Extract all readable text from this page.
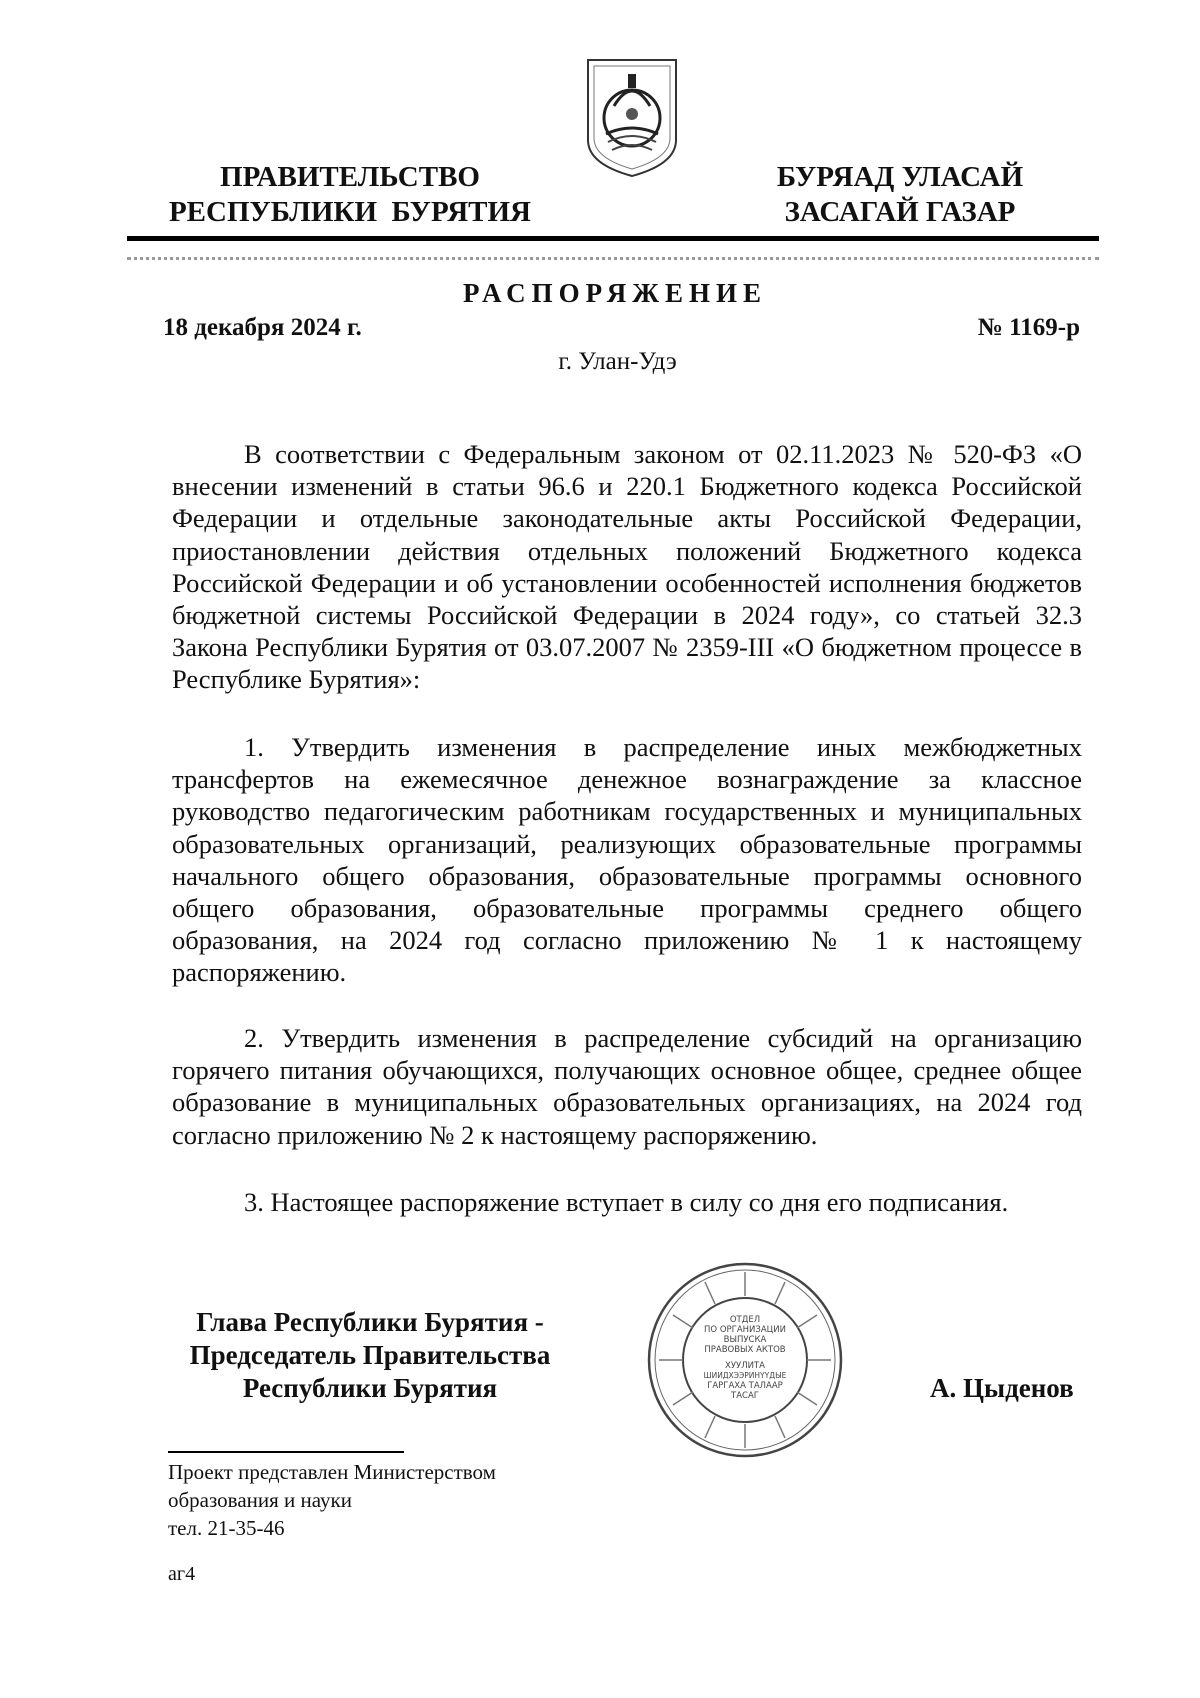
ПРАВИТЕЛЬСТВО
РЕСПУБЛИКИ  БУРЯТИЯ
БУРЯАД УЛАСАЙ
ЗАСАГАЙ ГАЗАР
РАСПОРЯЖЕНИЕ
18 декабря 2024 г.	№ 1169-р
г. Улан-Удэ

В соответствии с Федеральным законом от 02.11.2023 № 520-ФЗ «О внесении изменений в статьи 96.6 и 220.1 Бюджетного кодекса Российской Федерации и отдельные законодательные акты Российской Федерации, приостановлении действия отдельных положений Бюджетного кодекса Российской Федерации и об установлении особенностей исполнения бюджетов бюджетной системы Российской Федерации в 2024 году», со статьей 32.3 Закона Республики Бурятия от 03.07.2007 № 2359-III «О бюджетном процессе в Республике Бурятия»:

1. Утвердить изменения в распределение иных межбюджетных трансфертов на ежемесячное денежное вознаграждение за классное руководство педагогическим работникам государственных и муниципальных образовательных организаций, реализующих образовательные программы начального общего образования, образовательные программы основного общего образования, образовательные программы среднего общего образования, на 2024 год согласно приложению № 1 к настоящему распоряжению.

2. Утвердить изменения в распределение субсидий на организацию горячего питания обучающихся, получающих основное общее, среднее общее образование в муниципальных образовательных организациях, на 2024 год согласно приложению № 2 к настоящему распоряжению.

3. Настоящее распоряжение вступает в силу со дня его подписания.

Глава Республики Бурятия -
Председатель Правительства
Республики Бурятия
ОТДЕЛ
ПО ОРГАНИЗАЦИИ
ВЫПУСКА
ПРАВОВЫХ АКТОВ
ХУУЛИТА
ШИИДХЭЭРИНҮҮДЫЕ
ГАРГАХА ТАЛААР
ТАСАГ	А. Цыденов
Проект представлен Министерством
образования и науки
тел. 21-35-46
аг4
